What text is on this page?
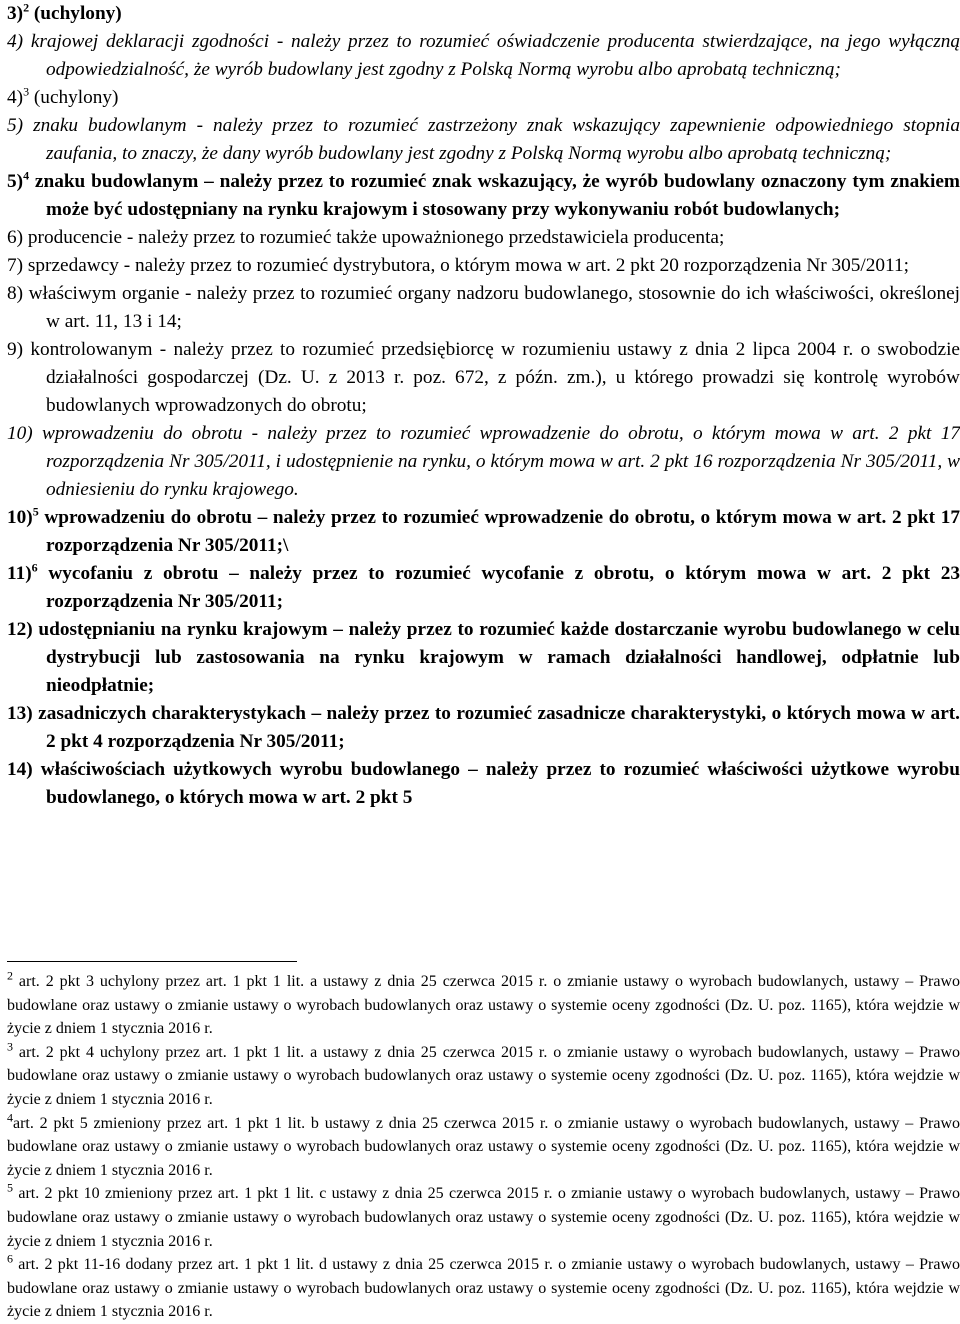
3)$^2$ (uchylony)
4) krajowej deklaracji zgodności - należy przez to rozumieć oświadczenie producenta stwierdzające, na jego wyłączną odpowiedzialność, że wyrób budowlany jest zgodny z Polską Normą wyrobu albo aprobatą techniczną;
4)$^3$ (uchylony)
5) znaku budowlanym - należy przez to rozumieć zastrzeżony znak wskazujący zapewnienie odpowiedniego stopnia zaufania, to znaczy, że dany wyrób budowlany jest zgodny z Polską Normą wyrobu albo aprobatą techniczną;
5)$^4$ znaku budowlanym – należy przez to rozumieć znak wskazujący, że wyrób budowlany oznaczony tym znakiem może być udostępniany na rynku krajowym i stosowany przy wykonywaniu robót budowlanych;
6) producencie - należy przez to rozumieć także upoważnionego przedstawiciela producenta;
7) sprzedawcy - należy przez to rozumieć dystrybutora, o którym mowa w art. 2 pkt 20 rozporządzenia Nr 305/2011;
8) właściwym organie - należy przez to rozumieć organy nadzoru budowlanego, stosownie do ich właściwości, określonej w art. 11, 13 i 14;
9) kontrolowanym - należy przez to rozumieć przedsiębiorcę w rozumieniu ustawy z dnia 2 lipca 2004 r. o swobodzie działalności gospodarczej (Dz. U. z 2013 r. poz. 672, z późn. zm.), u którego prowadzi się kontrolę wyrobów budowlanych wprowadzonych do obrotu;
10) wprowadzeniu do obrotu - należy przez to rozumieć wprowadzenie do obrotu, o którym mowa w art. 2 pkt 17 rozporządzenia Nr 305/2011, i udostępnienie na rynku, o którym mowa w art. 2 pkt 16 rozporządzenia Nr 305/2011, w odniesieniu do rynku krajowego.
10)$^5$ wprowadzeniu do obrotu – należy przez to rozumieć wprowadzenie do obrotu, o którym mowa w art. 2 pkt 17 rozporządzenia Nr 305/2011;\
11)$^6$ wycofaniu z obrotu – należy przez to rozumieć wycofanie z obrotu, o którym mowa w art. 2 pkt 23 rozporządzenia Nr 305/2011;
12) udostępnianiu na rynku krajowym – należy przez to rozumieć każde dostarczanie wyrobu budowlanego w celu dystrybucji lub zastosowania na rynku krajowym w ramach działalności handlowej, odpłatnie lub nieodpłatnie;
13) zasadniczych charakterystykach – należy przez to rozumieć zasadnicze charakterystyki, o których mowa w art. 2 pkt 4 rozporządzenia Nr 305/2011;
14) właściwościach użytkowych wyrobu budowlanego – należy przez to rozumieć właściwości użytkowe wyrobu budowlanego, o których mowa w art. 2 pkt 5
$^2$ art. 2 pkt 3 uchylony przez art. 1 pkt 1 lit. a ustawy z dnia 25 czerwca 2015 r. o zmianie ustawy o wyrobach budowlanych, ustawy – Prawo budowlane oraz ustawy o zmianie ustawy o wyrobach budowlanych oraz ustawy o systemie oceny zgodności (Dz. U. poz. 1165), która wejdzie w życie z dniem 1 stycznia 2016 r.
$^3$ art. 2 pkt 4 uchylony przez art. 1 pkt 1 lit. a ustawy z dnia 25 czerwca 2015 r. o zmianie ustawy o wyrobach budowlanych, ustawy – Prawo budowlane oraz ustawy o zmianie ustawy o wyrobach budowlanych oraz ustawy o systemie oceny zgodności (Dz. U. poz. 1165), która wejdzie w życie z dniem 1 stycznia 2016 r.
$^4$art. 2 pkt 5 zmieniony przez art. 1 pkt 1 lit. b ustawy z dnia 25 czerwca 2015 r. o zmianie ustawy o wyrobach budowlanych, ustawy – Prawo budowlane oraz ustawy o zmianie ustawy o wyrobach budowlanych oraz ustawy o systemie oceny zgodności (Dz. U. poz. 1165), która wejdzie w życie z dniem 1 stycznia 2016 r.
$^5$ art. 2 pkt 10 zmieniony przez art. 1 pkt 1 lit. c ustawy z dnia 25 czerwca 2015 r. o zmianie ustawy o wyrobach budowlanych, ustawy – Prawo budowlane oraz ustawy o zmianie ustawy o wyrobach budowlanych oraz ustawy o systemie oceny zgodności (Dz. U. poz. 1165), która wejdzie w życie z dniem 1 stycznia 2016 r.
$^6$ art. 2 pkt 11-16 dodany przez art. 1 pkt 1 lit. d ustawy z dnia 25 czerwca 2015 r. o zmianie ustawy o wyrobach budowlanych, ustawy – Prawo budowlane oraz ustawy o zmianie ustawy o wyrobach budowlanych oraz ustawy o systemie oceny zgodności (Dz. U. poz. 1165), która wejdzie w życie z dniem 1 stycznia 2016 r.
